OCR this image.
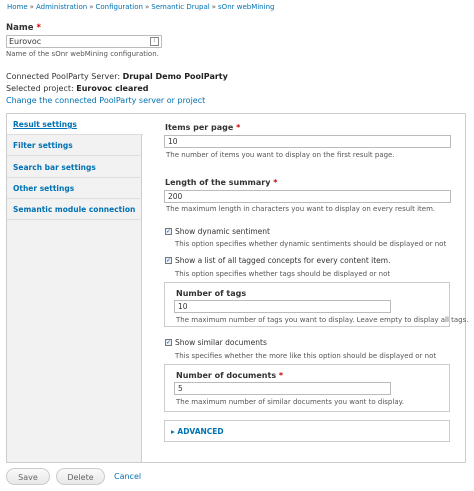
Home » Administration » Configuration » Semantic Drupal » sOnr webMining
Name *
Eurovoc	⁞
Name of the sOnr webMining configuration.
Connected PoolParty Server: Drupal Demo PoolParty
Selected project: Eurovoc cleared
Change the connected PoolParty server or project
Result settings
Filter settings
Search bar settings
Other settings
Semantic module connection
Items per page *
10
The number of items you want to display on the first result page.
Length of the summary *
200
The maximum length in characters you want to display on every result item.
✓ Show dynamic sentiment
This option specifies whether dynamic sentiments should be displayed or not
✓ Show a list of all tagged concepts for every content item.
This option specifies whether tags should be displayed or not
Number of tags
10
The maximum number of tags you want to display. Leave empty to display all tags.
✓ Show similar documents
This specifies whether the more like this option should be displayed or not
Number of documents *
5
The maximum number of similar documents you want to display.
▸ ADVANCED
Save	Delete	Cancel
